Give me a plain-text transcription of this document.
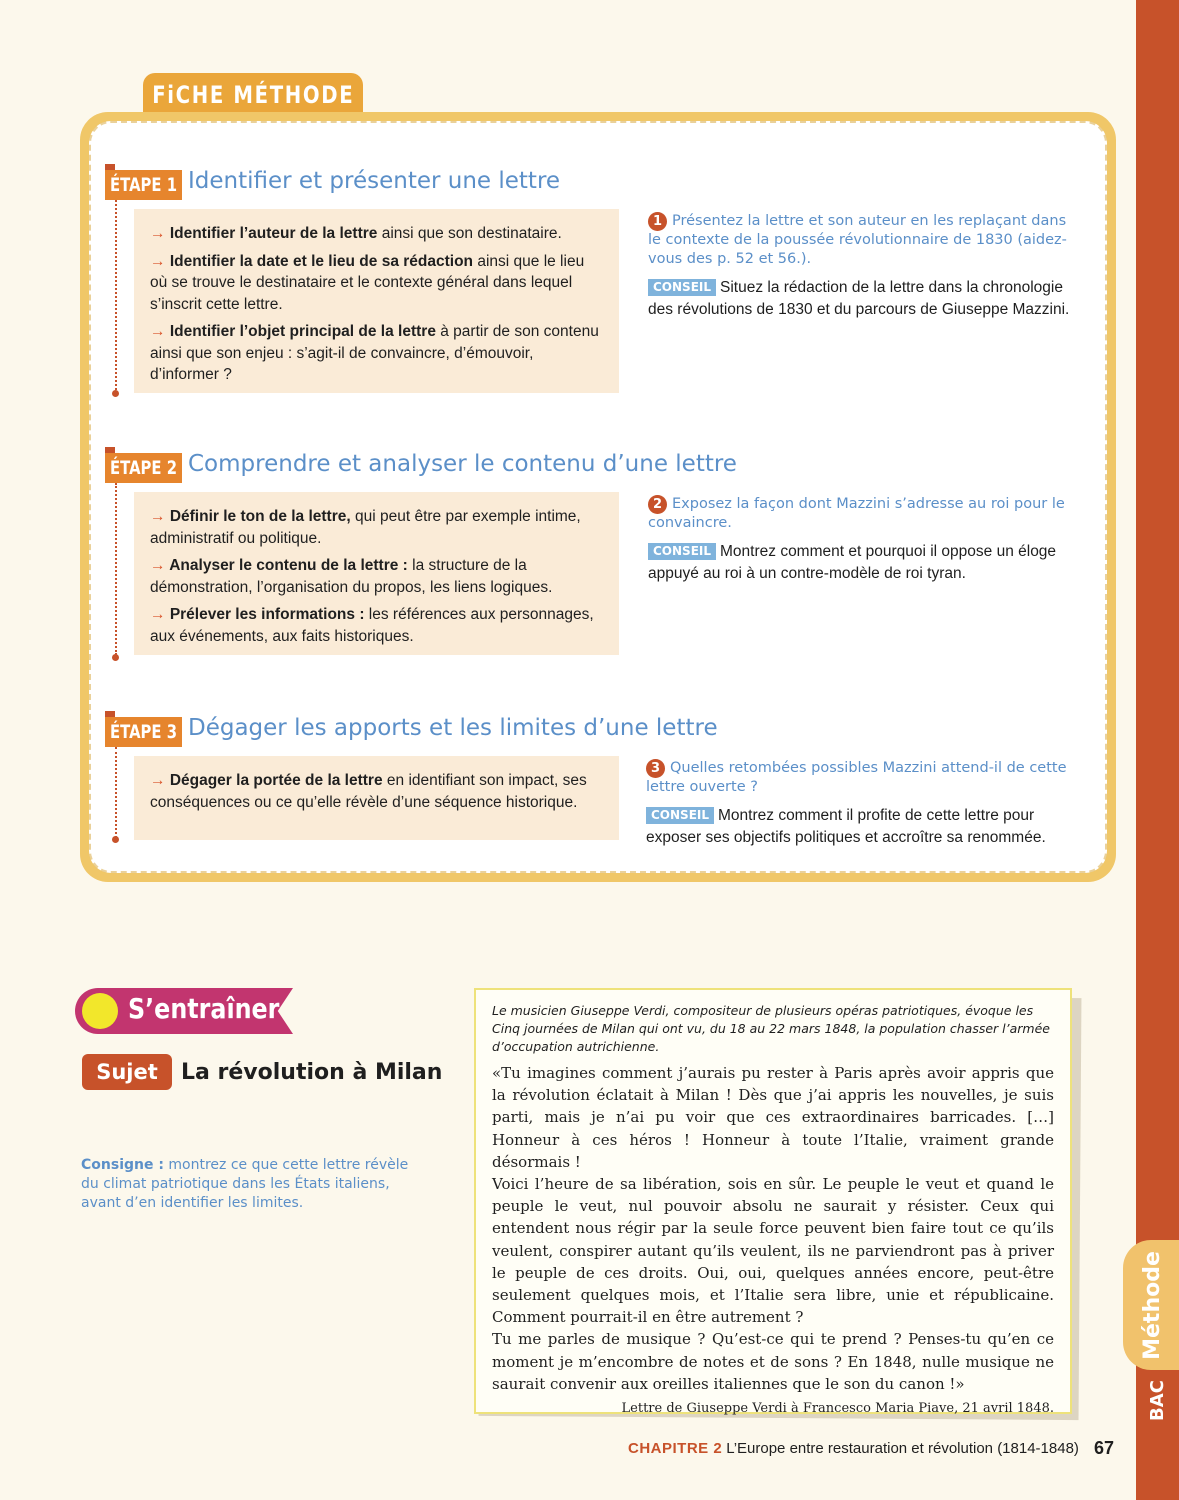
Méthode
BAC
FiCHE MÉTHODE
ÉTAPE 1 Identifier et présenter une lettre

→ Identifier l’auteur de la lettre ainsi que son destinataire.

→ Identifier la date et le lieu de sa rédaction ainsi que le lieu où se trouve le destinataire et le contexte général dans lequel s’inscrit cette lettre.

→ Identifier l’objet principal de la lettre à partir de son contenu ainsi que son enjeu : s’agit-il de convaincre, d’émouvoir, d’informer ?

1 Présentez la lettre et son auteur en les replaçant dans le contexte de la poussée révolutionnaire de 1830 (aidez-vous des p. 52 et 56.).
CONSEIL Situez la rédaction de la lettre dans la chronologie des révolutions de 1830 et du parcours de Giuseppe Mazzini.
ÉTAPE 2 Comprendre et analyser le contenu d’une lettre

→ Définir le ton de la lettre, qui peut être par exemple intime, administratif ou politique.

→ Analyser le contenu de la lettre : la structure de la démonstration, l’organisation du propos, les liens logiques.

→ Prélever les informations : les références aux personnages, aux événements, aux faits historiques.

2 Exposez la façon dont Mazzini s’adresse au roi pour le convaincre.
CONSEIL Montrez comment et pourquoi il oppose un éloge appuyé au roi à un contre-modèle de roi tyran.
ÉTAPE 3 Dégager les apports et les limites d’une lettre

→ Dégager la portée de la lettre en identifiant son impact, ses conséquences ou ce qu’elle révèle d’une séquence historique.

3 Quelles retombées possibles Mazzini attend-il de cette lettre ouverte ?
CONSEIL Montrez comment il profite de cette lettre pour exposer ses objectifs politiques et accroître sa renommée.
S’entraîner
Sujet	La révolution à Milan
Consigne : montrez ce que cette lettre révèle du climat patriotique dans les États italiens, avant d’en identifier les limites.
Le musicien Giuseppe Verdi, compositeur de plusieurs opéras patriotiques, évoque les Cinq journées de Milan qui ont vu, du 18 au 22 mars 1848, la population chasser l’armée d’occupation autrichienne.

«Tu imagines comment j’aurais pu rester à Paris après avoir appris que la révolution éclatait à Milan ! Dès que j’ai appris les nouvelles, je suis parti, mais je n’ai pu voir que ces extraordinaires barricades. […] Honneur à ces héros ! Honneur à toute l’Italie, vraiment grande désormais !

Voici l’heure de sa libération, sois en sûr. Le peuple le veut et quand le peuple le veut, nul pouvoir absolu ne saurait y résister. Ceux qui entendent nous régir par la seule force peuvent bien faire tout ce qu’ils veulent, conspirer autant qu’ils veulent, ils ne parviendront pas à priver le peuple de ces droits. Oui, oui, quelques années encore, peut-être seulement quelques mois, et l’Italie sera libre, unie et républicaine. Comment pourrait-il en être autrement ?

Tu me parles de musique ? Qu’est-ce qui te prend ? Penses-tu qu’en ce moment je m’encombre de notes et de sons ? En 1848, nulle musique ne saurait convenir aux oreilles italiennes que le son du canon !»

Lettre de Giuseppe Verdi à Francesco Maria Piave, 21 avril 1848.
CHAPITRE 2 L’Europe entre restauration et révolution (1814-1848) 67
